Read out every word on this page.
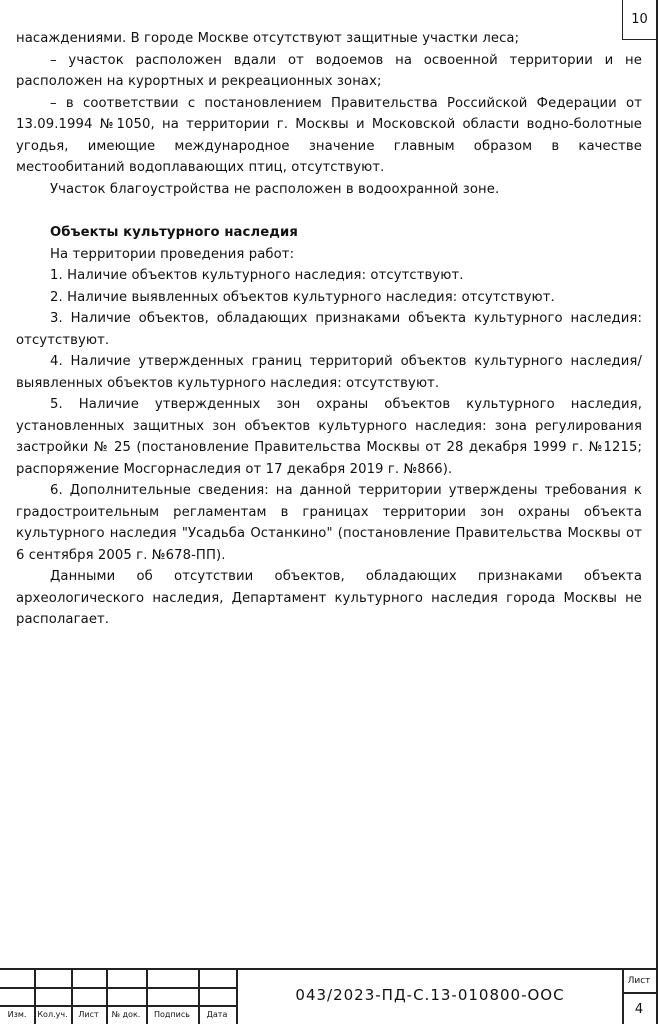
10

насаждениями. В городе Москве отсутствуют защитные участки леса;

– участок расположен вдали от водоемов на освоенной территории и не расположен на курортных и рекреационных зонах;

– в соответствии с постановлением Правительства Российской Федерации от 13.09.1994 №1050, на территории г. Москвы и Московской области водно-болотные угодья, имеющие международное значение главным образом в качестве местообитаний водоплавающих птиц, отсутствуют.

Участок благоустройства не расположен в водоохранной зоне.

Объекты культурного наследия

На территории проведения работ:

1. Наличие объектов культурного наследия: отсутствуют.

2. Наличие выявленных объектов культурного наследия: отсутствуют.

3. Наличие объектов, обладающих признаками объекта культурного наследия: отсутствуют.

4. Наличие утвержденных границ территорий объектов культурного наследия/выявленных объектов культурного наследия: отсутствуют.

5. Наличие утвержденных зон охраны объектов культурного наследия, установленных защитных зон объектов культурного наследия: зона регулирования застройки № 25 (постановление Правительства Москвы от 28 декабря 1999 г. №1215; распоряжение Мосгорнаследия от 17 декабря 2019 г. №866).

6. Дополнительные сведения: на данной территории утверждены требования к градостроительным регламентам в границах территории зон охраны объекта культурного наследия "Усадьба Останкино" (постановление Правительства Москвы от 6 сентября 2005 г. №678-ПП).

Данными об отсутствии объектов, обладающих признаками объекта археологического наследия, Департамент культурного наследия города Москвы не располагает.

Изм.	Кол.уч.	Лист	№ док.	Подпись	Дата
043/2023-ПД-С.13-010800-ООС
Лист
4
